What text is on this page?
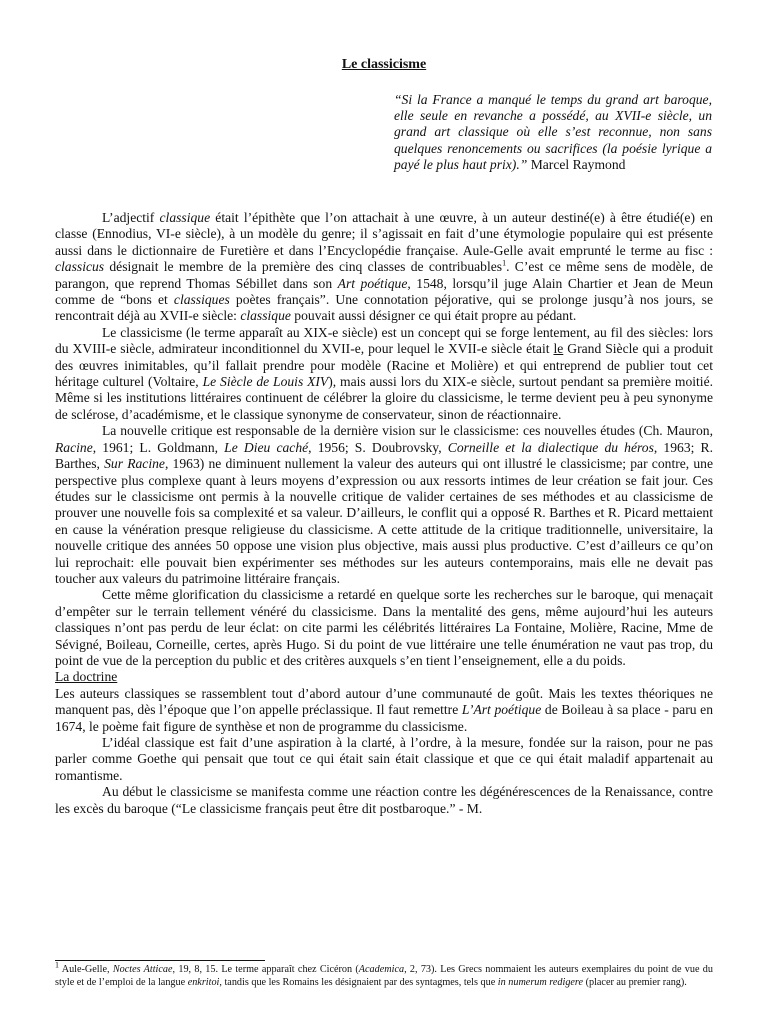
Le classicisme
“Si la France a manqué le temps du grand art baroque, elle seule en revanche a possédé, au XVII-e siècle, un grand art classique où elle s’est reconnue, non sans quelques renoncements ou sacrifices (la poésie lyrique a payé le plus haut prix).” Marcel Raymond

L’adjectif classique était l’épithète que l’on attachait à une œuvre, à un auteur destiné(e) à être étudié(e) en classe (Ennodius, VI-e siècle), à un modèle du genre; il s’agissait en fait d’une étymologie populaire qui est présente aussi dans le dictionnaire de Furetière et dans l’Encyclopédie française. Aule-Gelle avait emprunté le terme au fisc : classicus désignait le membre de la première des cinq classes de contribuables$^1$. C’est ce même sens de modèle, de parangon, que reprend Thomas Sébillet dans son Art poétique, 1548, lorsqu’il juge Alain Chartier et Jean de Meun comme de “bons et classiques poètes français”. Une connotation péjorative, qui se prolonge jusqu’à nos jours, se rencontrait déjà au XVII-e siècle: classique pouvait aussi désigner ce qui était propre au pédant.

Le classicisme (le terme apparaît au XIX-e siècle) est un concept qui se forge lentement, au fil des siècles: lors du XVIII-e siècle, admirateur inconditionnel du XVII-e, pour lequel le XVII-e siècle était le Grand Siècle qui a produit des œuvres inimitables, qu’il fallait prendre pour modèle (Racine et Molière) et qui entreprend de publier tout cet héritage culturel (Voltaire, Le Siècle de Louis XIV), mais aussi lors du XIX-e siècle, surtout pendant sa première moitié. Même si les institutions littéraires continuent de célébrer la gloire du classicisme, le terme devient peu à peu synonyme de sclérose, d’académisme, et le classique synonyme de conservateur, sinon de réactionnaire.

La nouvelle critique est responsable de la dernière vision sur le classicisme: ces nouvelles études (Ch. Mauron, Racine, 1961; L. Goldmann, Le Dieu caché, 1956; S. Doubrovsky, Corneille et la dialectique du héros, 1963; R. Barthes, Sur Racine, 1963) ne diminuent nullement la valeur des auteurs qui ont illustré le classicisme; par contre, une perspective plus complexe quant à leurs moyens d’expression ou aux ressorts intimes de leur création se fait jour. Ces études sur le classicisme ont permis à la nouvelle critique de valider certaines de ses méthodes et au classicisme de prouver une nouvelle fois sa complexité et sa valeur. D’ailleurs, le conflit qui a opposé R. Barthes et R. Picard mettaient en cause la vénération presque religieuse du classicisme. A cette attitude de la critique traditionnelle, universitaire, la nouvelle critique des années 50 oppose une vision plus objective, mais aussi plus productive. C’est d’ailleurs ce qu’on lui reprochait: elle pouvait bien expérimenter ses méthodes sur les auteurs contemporains, mais elle ne devait pas toucher aux valeurs du patrimoine littéraire français.

Cette même glorification du classicisme a retardé en quelque sorte les recherches sur le baroque, qui menaçait d’empêter sur le terrain tellement vénéré du classicisme. Dans la mentalité des gens, même aujourd’hui les auteurs classiques n’ont pas perdu de leur éclat: on cite parmi les célébrités littéraires La Fontaine, Molière, Racine, Mme de Sévigné, Boileau, Corneille, certes, après Hugo. Si du point de vue littéraire une telle énumération ne vaut pas trop, du point de vue de la perception du public et des critères auxquels s’en tient l’enseignement, elle a du poids.

La doctrine

Les auteurs classiques se rassemblent tout d’abord autour d’une communauté de goût. Mais les textes théoriques ne manquent pas, dès l’époque que l’on appelle préclassique. Il faut remettre L’Art poétique de Boileau à sa place - paru en 1674, le poème fait figure de synthèse et non de programme du classicisme.

L’idéal classique est fait d’une aspiration à la clarté, à l’ordre, à la mesure, fondée sur la raison, pour ne pas parler comme Goethe qui pensait que tout ce qui était sain était classique et que ce qui était maladif appartenait au romantisme.

Au début le classicisme se manifesta comme une réaction contre les dégénérescences de la Renaissance, contre les excès du baroque (“Le classicisme français peut être dit postbaroque.” - M.

$^1$ Aule-Gelle, Noctes Atticae, 19, 8, 15. Le terme apparaît chez Cicéron (Academica, 2, 73). Les Grecs nommaient les auteurs exemplaires du point de vue du style et de l’emploi de la langue enkritoi, tandis que les Romains les désignaient par des syntagmes, tels que in numerum redigere (placer au premier rang).
